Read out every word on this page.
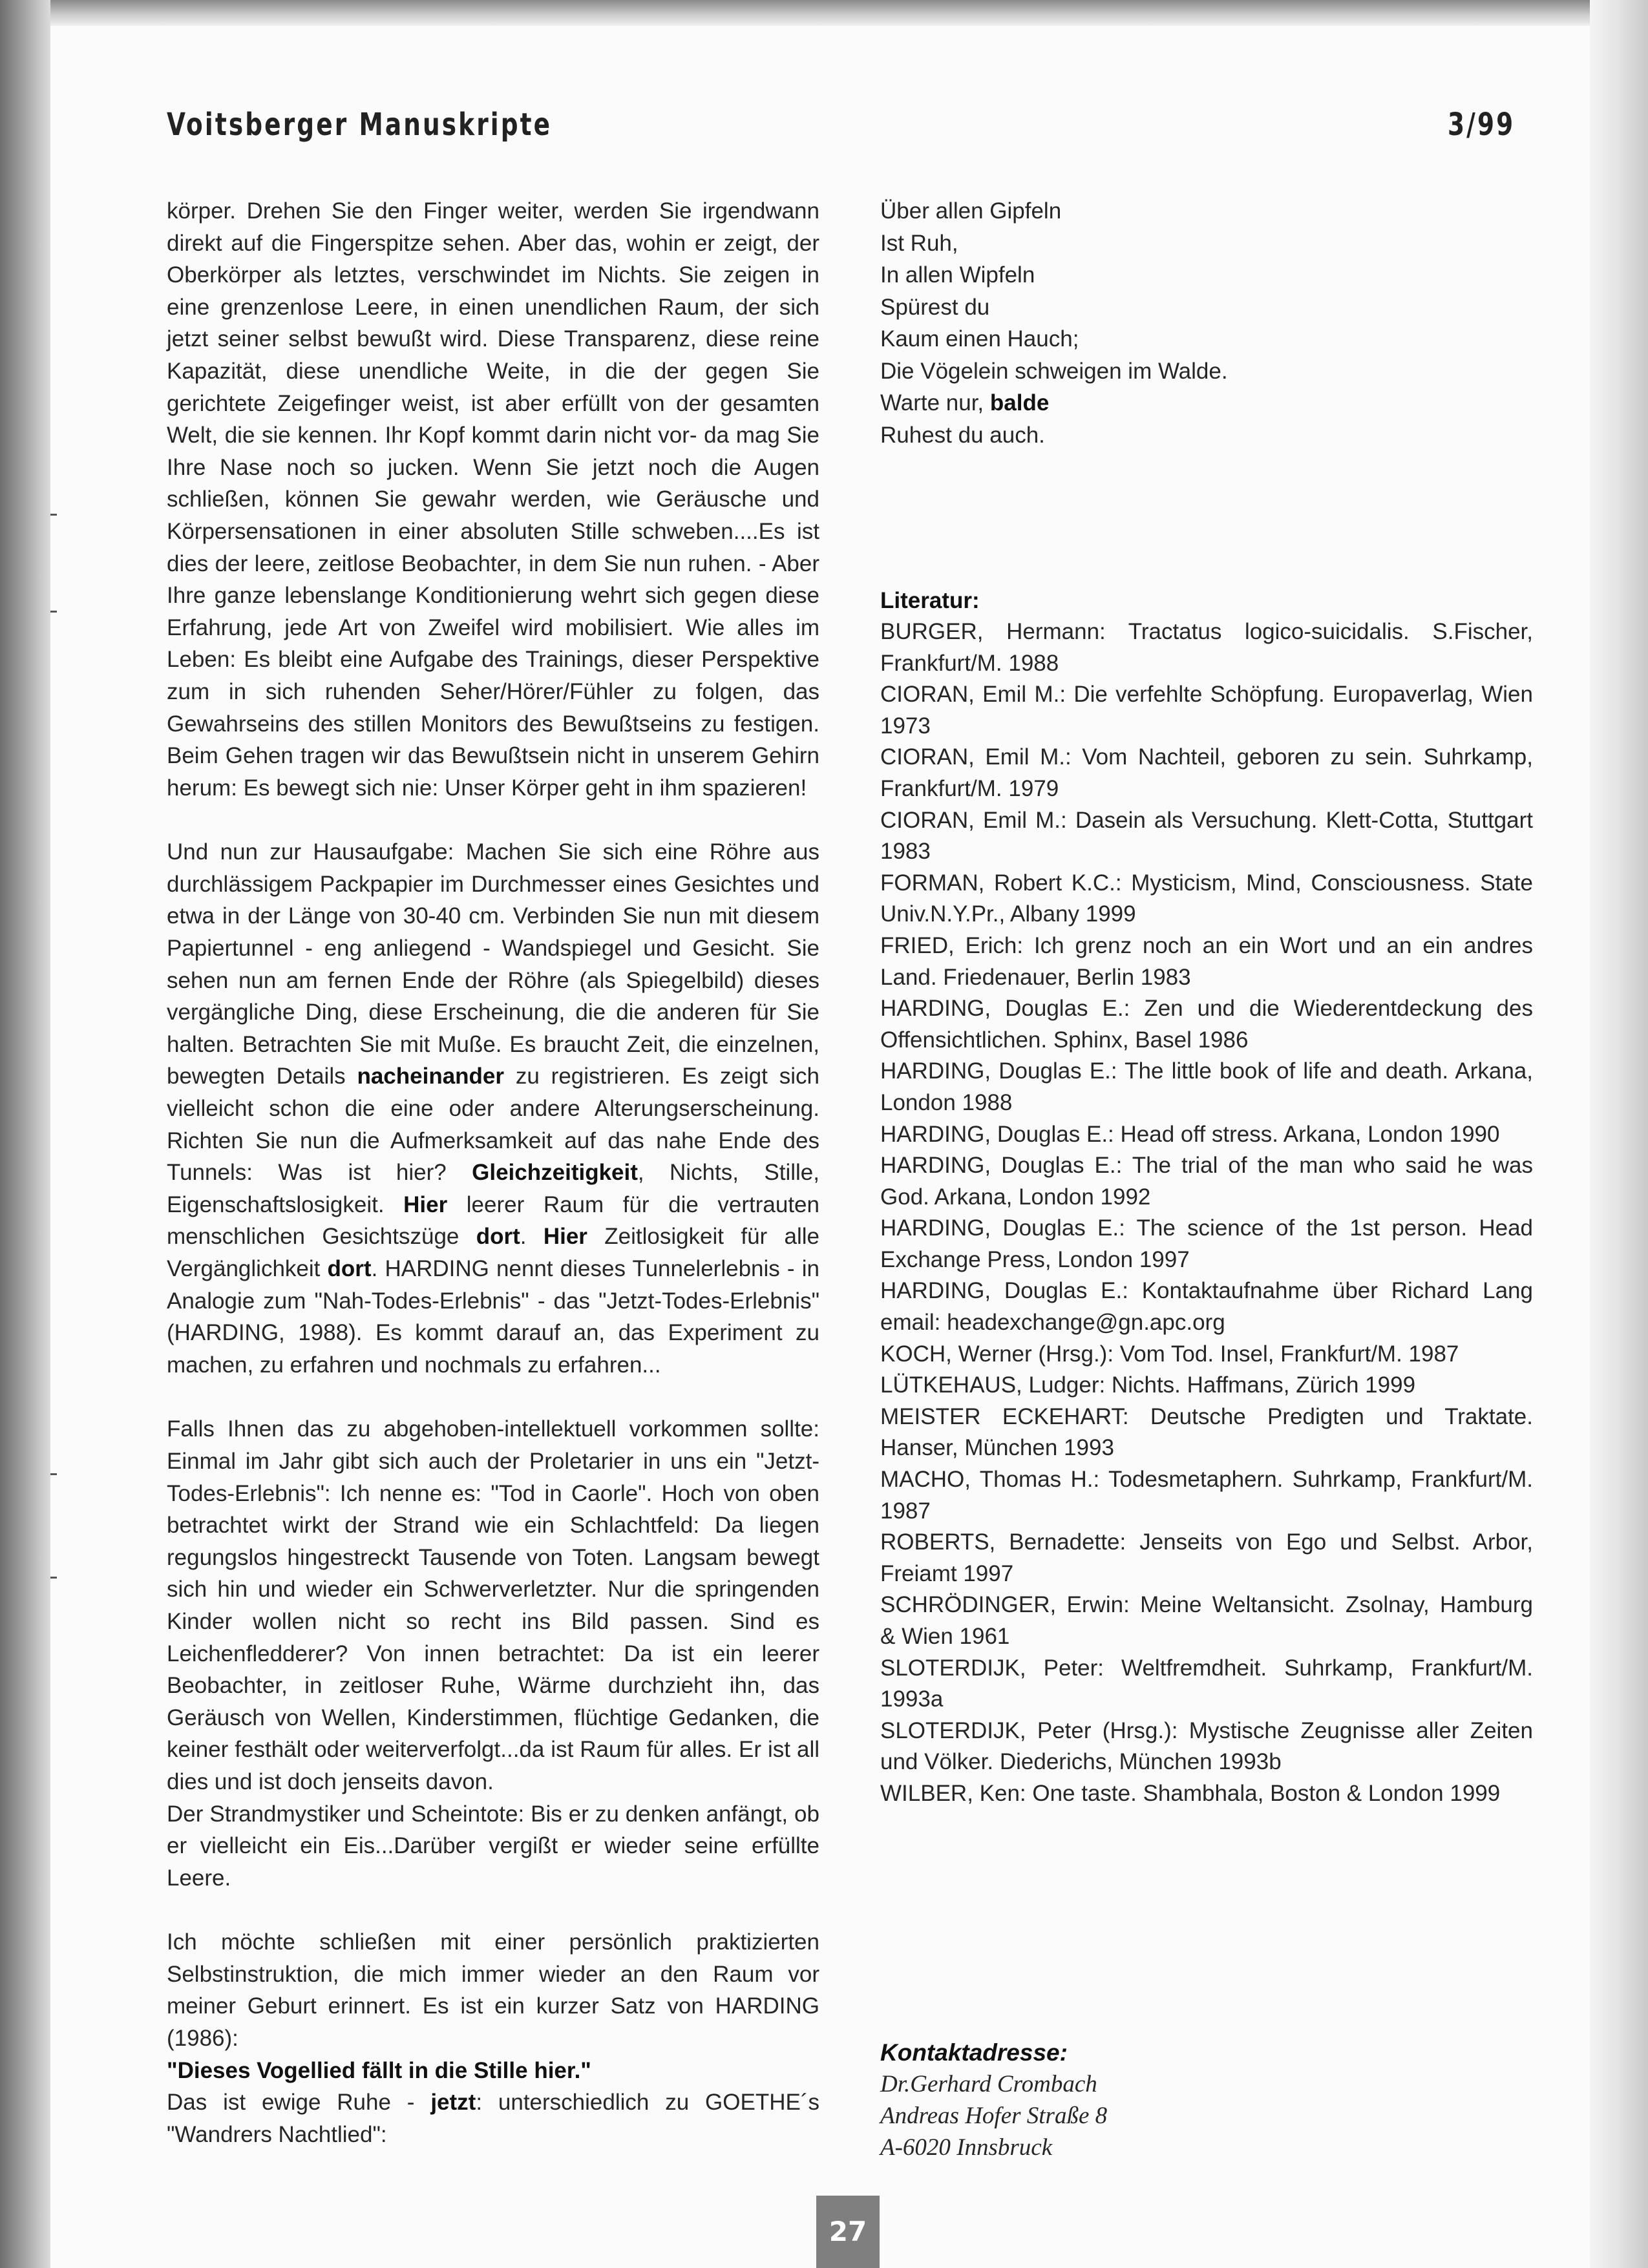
Voitsberger Manuskripte	3/99

körper. Drehen Sie den Finger weiter, werden Sie irgendwann direkt auf die Fingerspitze sehen. Aber das, wohin er zeigt, der Oberkörper als letztes, verschwindet im Nichts. Sie zeigen in eine grenzenlose Leere, in einen unendlichen Raum, der sich jetzt seiner selbst bewußt wird. Diese Transparenz, diese reine Kapazität, diese unendliche Weite, in die der gegen Sie gerichtete Zeigefinger weist, ist aber erfüllt von der gesamten Welt, die sie kennen. Ihr Kopf kommt darin nicht vor- da mag Sie Ihre Nase noch so jucken. Wenn Sie jetzt noch die Augen schließen, können Sie gewahr werden, wie Geräusche und Körpersensationen in einer absoluten Stille schweben....Es ist dies der leere, zeitlose Beobachter, in dem Sie nun ruhen. - Aber Ihre ganze lebenslange Konditionierung wehrt sich gegen diese Erfahrung, jede Art von Zweifel wird mobilisiert. Wie alles im Leben: Es bleibt eine Aufgabe des Trainings, dieser Perspektive zum in sich ruhenden Seher/Hörer/Fühler zu folgen, das Gewahrseins des stillen Monitors des Bewußtseins zu festigen. Beim Gehen tragen wir das Bewußtsein nicht in unserem Gehirn herum: Es bewegt sich nie: Unser Körper geht in ihm spazieren!

Und nun zur Hausaufgabe: Machen Sie sich eine Röhre aus durchlässigem Packpapier im Durchmesser eines Gesichtes und etwa in der Länge von 30-40 cm. Verbinden Sie nun mit diesem Papiertunnel - eng anliegend - Wandspiegel und Gesicht. Sie sehen nun am fernen Ende der Röhre (als Spiegelbild) dieses vergängliche Ding, diese Erscheinung, die die anderen für Sie halten. Betrachten Sie mit Muße. Es braucht Zeit, die einzelnen, bewegten Details nacheinander zu registrieren. Es zeigt sich vielleicht schon die eine oder andere Alterungserscheinung. Richten Sie nun die Aufmerksamkeit auf das nahe Ende des Tunnels: Was ist hier? Gleichzeitigkeit, Nichts, Stille, Eigenschaftslosigkeit. Hier leerer Raum für die vertrauten menschlichen Gesichtszüge dort. Hier Zeitlosigkeit für alle Vergänglichkeit dort. HARDING nennt dieses Tunnelerlebnis - in Analogie zum "Nah-Todes-Erlebnis" - das "Jetzt-Todes-Erlebnis" (HARDING, 1988). Es kommt darauf an, das Experiment zu machen, zu erfahren und nochmals zu erfahren...

Falls Ihnen das zu abgehoben-intellektuell vorkommen sollte: Einmal im Jahr gibt sich auch der Proletarier in uns ein "Jetzt-Todes-Erlebnis": Ich nenne es: "Tod in Caorle". Hoch von oben betrachtet wirkt der Strand wie ein Schlachtfeld: Da liegen regungslos hingestreckt Tausende von Toten. Langsam bewegt sich hin und wieder ein Schwerverletzter. Nur die springenden Kinder wollen nicht so recht ins Bild passen. Sind es Leichenfledderer? Von innen betrachtet: Da ist ein leerer Beobachter, in zeitloser Ruhe, Wärme durchzieht ihn, das Geräusch von Wellen, Kinderstimmen, flüchtige Gedanken, die keiner festhält oder weiterverfolgt...da ist Raum für alles. Er ist all dies und ist doch jenseits davon.

Der Strandmystiker und Scheintote: Bis er zu denken anfängt, ob er vielleicht ein Eis...Darüber vergißt er wieder seine erfüllte Leere.

Ich möchte schließen mit einer persönlich praktizierten Selbstinstruktion, die mich immer wieder an den Raum vor meiner Geburt erinnert. Es ist ein kurzer Satz von HARDING (1986):
"Dieses Vogellied fällt in die Stille hier."
Das ist ewige Ruhe - jetzt: unterschiedlich zu GOETHE´s "Wandrers Nachtlied":

Über allen Gipfeln
Ist Ruh,
In allen Wipfeln
Spürest du
Kaum einen Hauch;
Die Vögelein schweigen im Walde.
Warte nur, balde
Ruhest du auch.
Literatur:

BURGER, Hermann: Tractatus logico-suicidalis. S.Fischer, Frankfurt/M. 1988

CIORAN, Emil M.: Die verfehlte Schöpfung. Europaverlag, Wien 1973

CIORAN, Emil M.: Vom Nachteil, geboren zu sein. Suhrkamp, Frankfurt/M. 1979

CIORAN, Emil M.: Dasein als Versuchung. Klett-Cotta, Stuttgart 1983

FORMAN, Robert K.C.: Mysticism, Mind, Consciousness. State Univ.N.Y.Pr., Albany 1999

FRIED, Erich: Ich grenz noch an ein Wort und an ein andres Land. Friedenauer, Berlin 1983

HARDING, Douglas E.: Zen und die Wiederentdeckung des Offensichtlichen. Sphinx, Basel 1986

HARDING, Douglas E.: The little book of life and death. Arkana, London 1988

HARDING, Douglas E.: Head off stress. Arkana, London 1990

HARDING, Douglas E.: The trial of the man who said he was God. Arkana, London 1992

HARDING, Douglas E.: The science of the 1st person. Head Exchange Press, London 1997

HARDING, Douglas E.: Kontaktaufnahme über Richard Lang email: headexchange@gn.apc.org

KOCH, Werner (Hrsg.): Vom Tod. Insel, Frankfurt/M. 1987

LÜTKEHAUS, Ludger: Nichts. Haffmans, Zürich 1999

MEISTER ECKEHART: Deutsche Predigten und Traktate. Hanser, München 1993

MACHO, Thomas H.: Todesmetaphern. Suhrkamp, Frankfurt/M. 1987

ROBERTS, Bernadette: Jenseits von Ego und Selbst. Arbor, Freiamt 1997

SCHRÖDINGER, Erwin: Meine Weltansicht. Zsolnay, Hamburg & Wien 1961

SLOTERDIJK, Peter: Weltfremdheit. Suhrkamp, Frankfurt/M. 1993a

SLOTERDIJK, Peter (Hrsg.): Mystische Zeugnisse aller Zeiten und Völker. Diederichs, München 1993b

WILBER, Ken: One taste. Shambhala, Boston & London 1999

Kontaktadresse:
Dr.Gerhard Crombach
Andreas Hofer Straße 8
A-6020 Innsbruck
27
